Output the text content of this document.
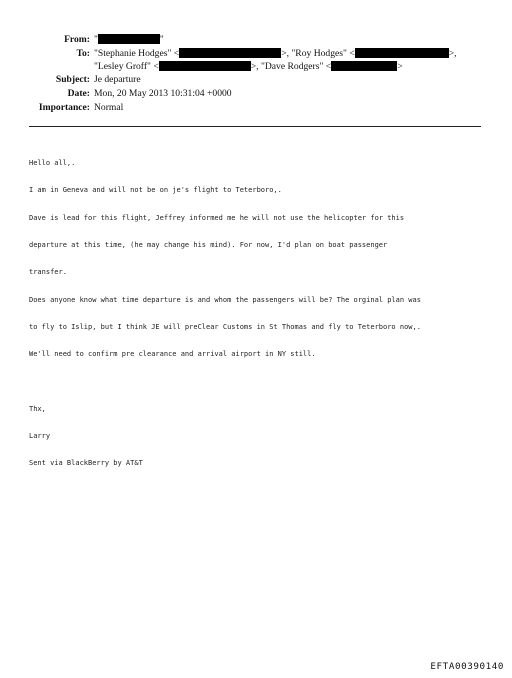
From: "	"
To: "Stephanie Hodges" <	>, "Roy Hodges" <	>,
"Lesley Groff" <	>, "Dave Rodgers" <	>
Subject: Je departure
Date: Mon, 20 May 2013 10:31:04 +0000
Importance: Normal

Hello all,.

I am in Geneva and will not be on je's flight to Teterboro,.

Dave is lead for this flight, Jeffrey informed me he will not use the helicopter for this

departure at this time, (he may change his mind). For now, I'd plan on boat passenger

transfer.

Does anyone know what time departure is and whom the passengers will be? The orginal plan was

to fly to Islip, but I think JE will preClear Customs in St Thomas and fly to Teterboro now,.

We'll need to confirm pre clearance and arrival airport in NY still.

Thx,

Larry

Sent via BlackBerry by AT&T

EFTA00390140
